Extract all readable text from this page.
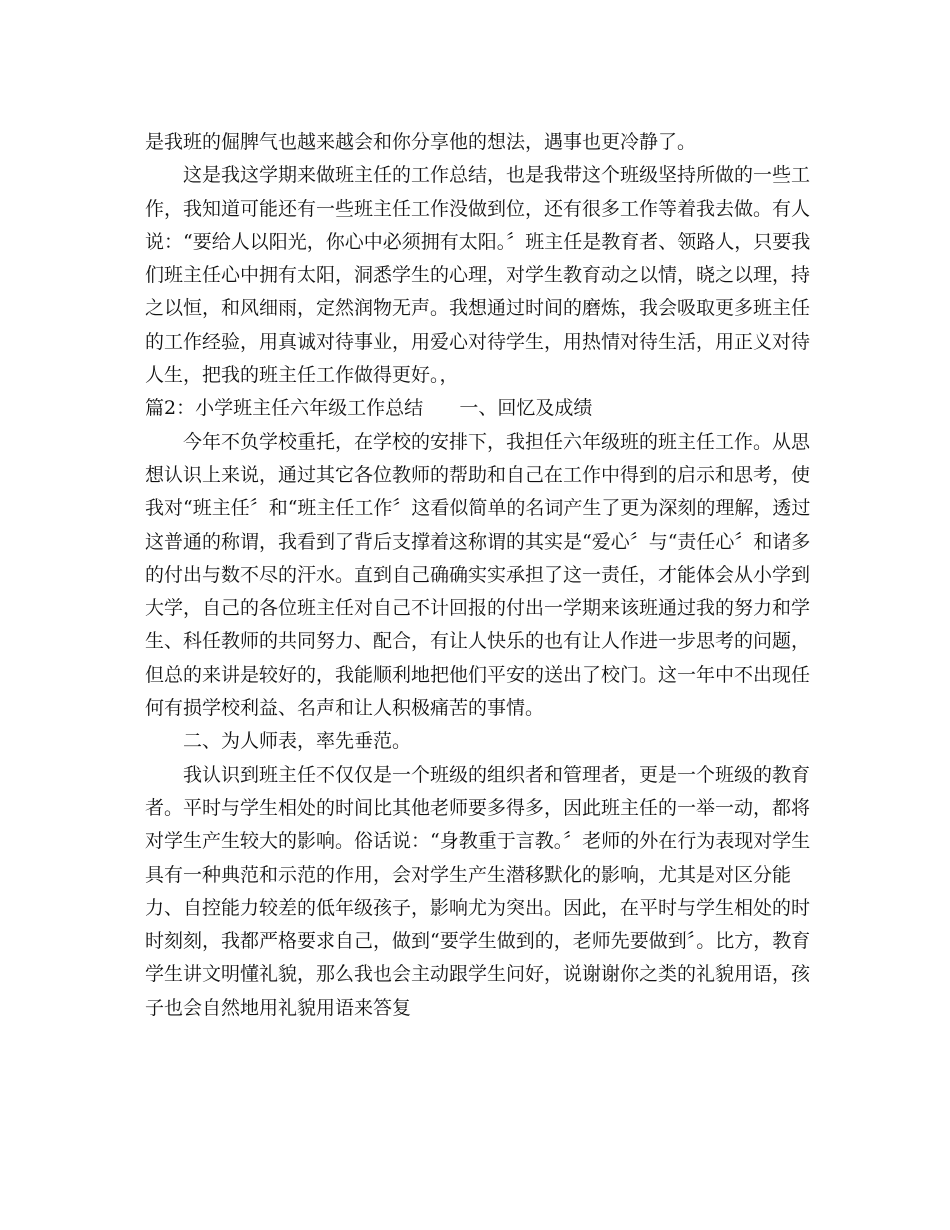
是我班的倔脾气也越来越会和你分享他的想法，遇事也更冷静了。
这是我这学期来做班主任的工作总结，也是我带这个班级坚持所做的一些工
作，我知道可能还有一些班主任工作没做到位，还有很多工作等着我去做。有人
说：“要给人以阳光，你心中必须拥有太阳。〞班主任是教育者、领路人，只要我
们班主任心中拥有太阳，洞悉学生的心理，对学生教育动之以情，晓之以理，持
之以恒，和风细雨，定然润物无声。我想通过时间的磨炼，我会吸取更多班主任
的工作经验，用真诚对待事业，用爱心对待学生，用热情对待生活，用正义对待
人生，把我的班主任工作做得更好。，
篇2：小学班主任六年级工作总结      一、回忆及成绩
今年不负学校重托，在学校的安排下，我担任六年级班的班主任工作。从思
想认识上来说，通过其它各位教师的帮助和自己在工作中得到的启示和思考，使
我对“班主任〞和“班主任工作〞这看似简单的名词产生了更为深刻的理解，透过
这普通的称谓，我看到了背后支撑着这称谓的其实是“爱心〞与“责任心〞和诸多
的付出与数不尽的汗水。直到自己确确实实承担了这一责任，才能体会从小学到
大学，自己的各位班主任对自己不计回报的付出一学期来该班通过我的努力和学
生、科任教师的共同努力、配合，有让人快乐的也有让人作进一步思考的问题，
但总的来讲是较好的，我能顺利地把他们平安的送出了校门。这一年中不出现任
何有损学校利益、名声和让人积极痛苦的事情。
二、为人师表，率先垂范。
我认识到班主任不仅仅是一个班级的组织者和管理者，更是一个班级的教育
者。平时与学生相处的时间比其他老师要多得多，因此班主任的一举一动，都将
对学生产生较大的影响。俗话说：“身教重于言教。〞老师的外在行为表现对学生
具有一种典范和示范的作用，会对学生产生潜移默化的影响，尤其是对区分能
力、自控能力较差的低年级孩子，影响尤为突出。因此，在平时与学生相处的时
时刻刻，我都严格要求自己，做到“要学生做到的，老师先要做到〞。比方，教育
学生讲文明懂礼貌，那么我也会主动跟学生问好，说谢谢你之类的礼貌用语，孩
子也会自然地用礼貌用语来答复
